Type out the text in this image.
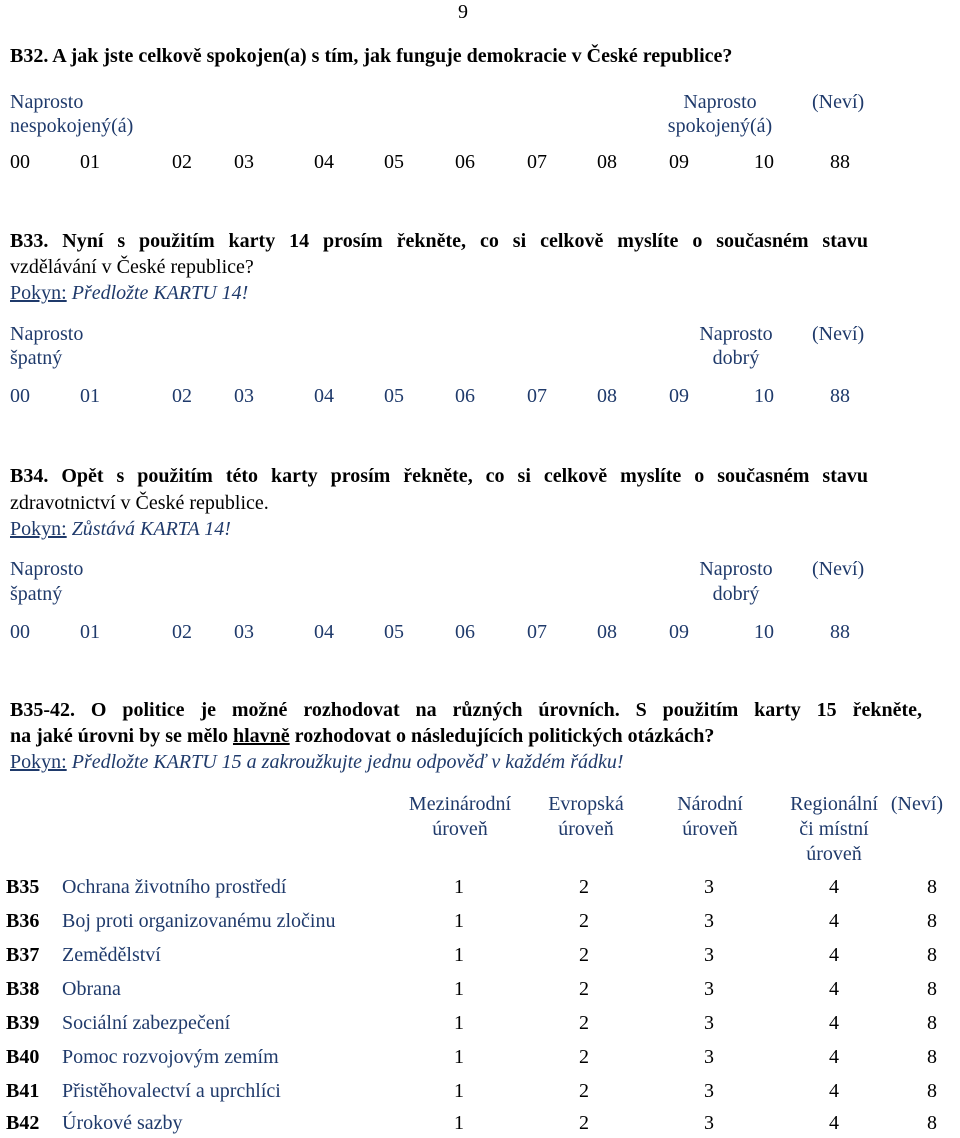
9
B32. A jak jste celkově spokojen(a) s tím, jak funguje demokracie v České republice?
Naprosto
nespokojený(á)
Naprosto
spokojený(á)
(Neví)
00	01	02	03	04	05	06	07	08	09	10	88
B33. Nyní s použitím karty 14 prosím řekněte, co si celkově myslíte o současném stavu
vzdělávání v České republice?
Pokyn: Předložte KARTU 14!
Naprosto
špatný
Naprosto
dobrý
(Neví)
00	01	02	03	04	05	06	07	08	09	10	88
B34. Opět s použitím této karty prosím řekněte, co si celkově myslíte o současném stavu
zdravotnictví v České republice.
Pokyn: Zůstává KARTA 14!
Naprosto
špatný
Naprosto
dobrý
(Neví)
00	01	02	03	04	05	06	07	08	09	10	88
B35-42. O politice je možné rozhodovat na různých úrovních. S použitím karty 15 řekněte,
na jaké úrovni by se mělo hlavně rozhodovat o následujících politických otázkách?
Pokyn: Předložte KARTU 15 a zakroužkujte jednu odpověď v každém řádku!
Mezinárodní
úroveň
Evropská
úroveň
Národní
úroveň
Regionální
či místní
úroveň
(Neví)
B35 Ochrana životního prostředí	1	2	3	4	8
B36 Boj proti organizovanému zločinu	1	2	3	4	8
B37 Zemědělství	1	2	3	4	8
B38 Obrana	1	2	3	4	8
B39 Sociální zabezpečení	1	2	3	4	8
B40 Pomoc rozvojovým zemím	1	2	3	4	8
B41 Přistěhovalectví a uprchlíci	1	2	3	4	8
B42 Úrokové sazby	1	2	3	4	8
